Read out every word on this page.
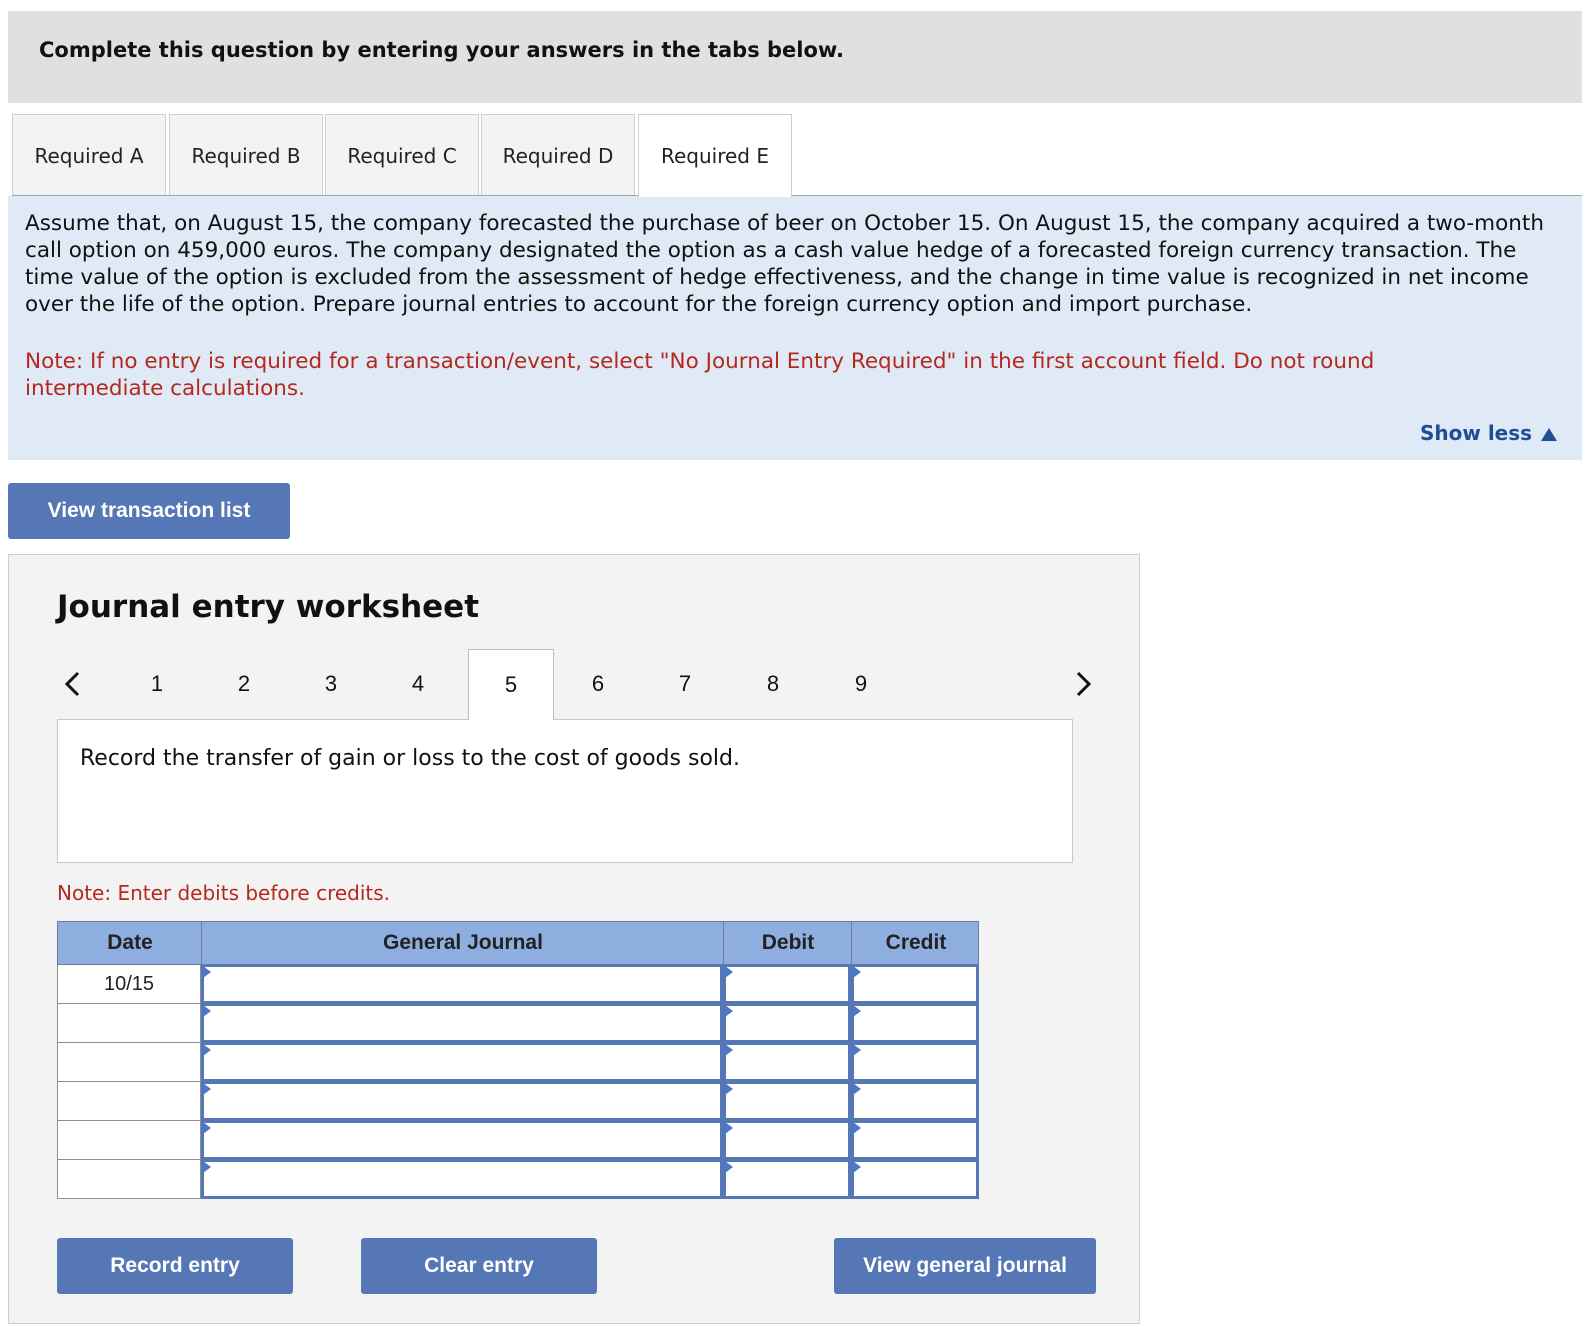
Complete this question by entering your answers in the tabs below.
Required A	Required B	Required C	Required D	Required E
Assume that, on August 15, the company forecasted the purchase of beer on October 15. On August 15, the company acquired a two-month call option on 459,000 euros. The company designated the option as a cash value hedge of a forecasted foreign currency transaction. The time value of the option is excluded from the assessment of hedge effectiveness, and the change in time value is recognized in net income over the life of the option. Prepare journal entries to account for the foreign currency option and import purchase.
Note: If no entry is required for a transaction/event, select "No Journal Entry Required" in the first account field. Do not round intermediate calculations.
Show less
View transaction list
Journal entry worksheet
1	2	3	4	5	6	7	8	9
Record the transfer of gain or loss to the cost of goods sold.
Note: Enter debits before credits.
Date	General Journal	Debit	Credit
10/15
Record entry	Clear entry	View general journal
